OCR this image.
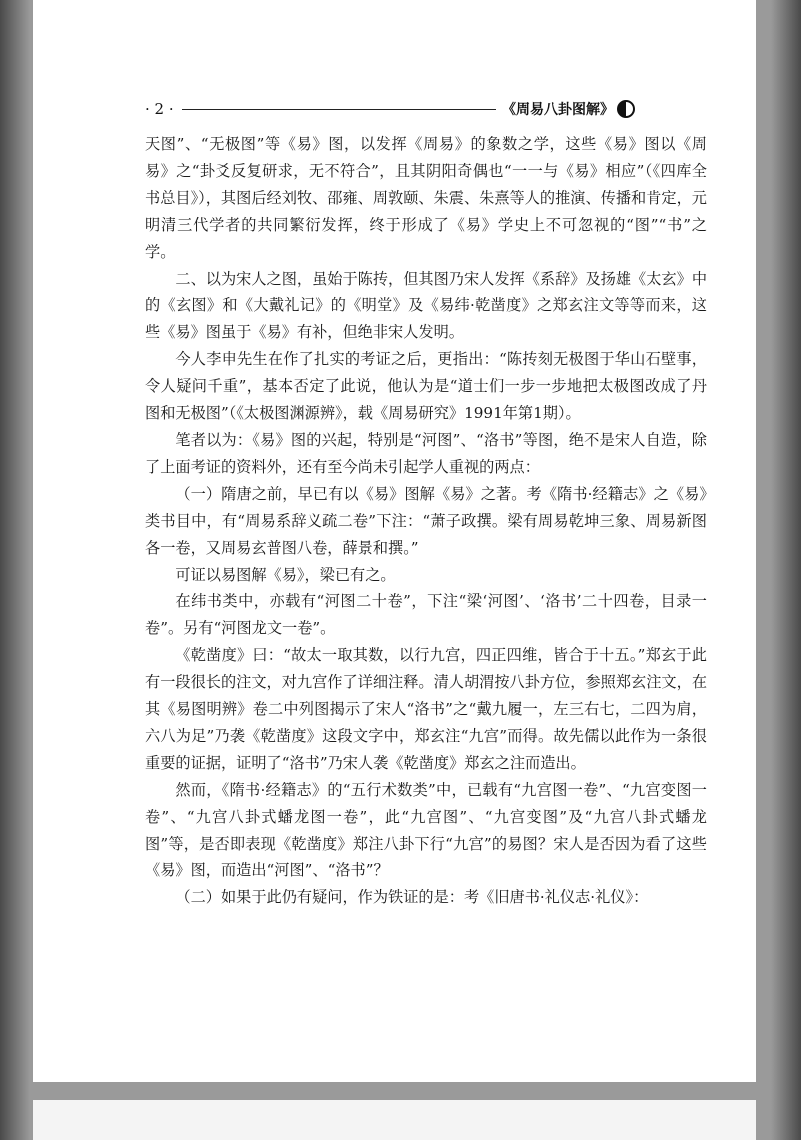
· 2 ·	《周易八卦图解》

天图”、“无极图”等《易》图，以发挥《周易》的象数之学，这些《易》图以《周易》之“卦爻反复研求，无不符合”，且其阴阳奇偶也“一一与《易》相应”（《四库全书总目》），其图后经刘牧、邵雍、周敦颐、朱震、朱熹等人的推演、传播和肯定，元明清三代学者的共同繁衍发挥，终于形成了《易》学史上不可忽视的“图”“书”之学。

二、以为宋人之图，虽始于陈抟，但其图乃宋人发挥《系辞》及扬雄《太玄》中的《玄图》和《大戴礼记》的《明堂》及《易纬·乾凿度》之郑玄注文等等而来，这些《易》图虽于《易》有补，但绝非宋人发明。

今人李申先生在作了扎实的考证之后，更指出：“陈抟刻无极图于华山石壁事，令人疑问千重”，基本否定了此说，他认为是“道士们一步一步地把太极图改成了丹图和无极图”（《太极图渊源辨》，载《周易研究》1991年第1期）。

笔者以为：《易》图的兴起，特别是“河图”、“洛书”等图，绝不是宋人自造，除了上面考证的资料外，还有至今尚未引起学人重视的两点：

（一）隋唐之前，早已有以《易》图解《易》之著。考《隋书·经籍志》之《易》类书目中，有“周易系辞义疏二卷”下注：“萧子政撰。梁有周易乾坤三象、周易新图各一卷，又周易玄普图八卷，薛景和撰。”

可证以易图解《易》，梁已有之。

在纬书类中，亦载有“河图二十卷”，下注“梁‘河图’、‘洛书’二十四卷，目录一卷”。另有“河图龙文一卷”。

《乾凿度》曰：“故太一取其数，以行九宫，四正四维，皆合于十五。”郑玄于此有一段很长的注文，对九宫作了详细注释。清人胡渭按八卦方位，参照郑玄注文，在其《易图明辨》卷二中列图揭示了宋人“洛书”之“戴九履一，左三右七，二四为肩，六八为足”乃袭《乾凿度》这段文字中，郑玄注“九宫”而得。故先儒以此作为一条很重要的证据，证明了“洛书”乃宋人袭《乾凿度》郑玄之注而造出。

然而，《隋书·经籍志》的“五行术数类”中，已载有“九宫图一卷”、“九宫变图一卷”、“九宫八卦式蟠龙图一卷”，此“九宫图”、“九宫变图”及“九宫八卦式蟠龙图”等，是否即表现《乾凿度》郑注八卦下行“九宫”的易图？宋人是否因为看了这些《易》图，而造出“河图”、“洛书”？

（二）如果于此仍有疑问，作为铁证的是：考《旧唐书·礼仪志·礼仪》：
